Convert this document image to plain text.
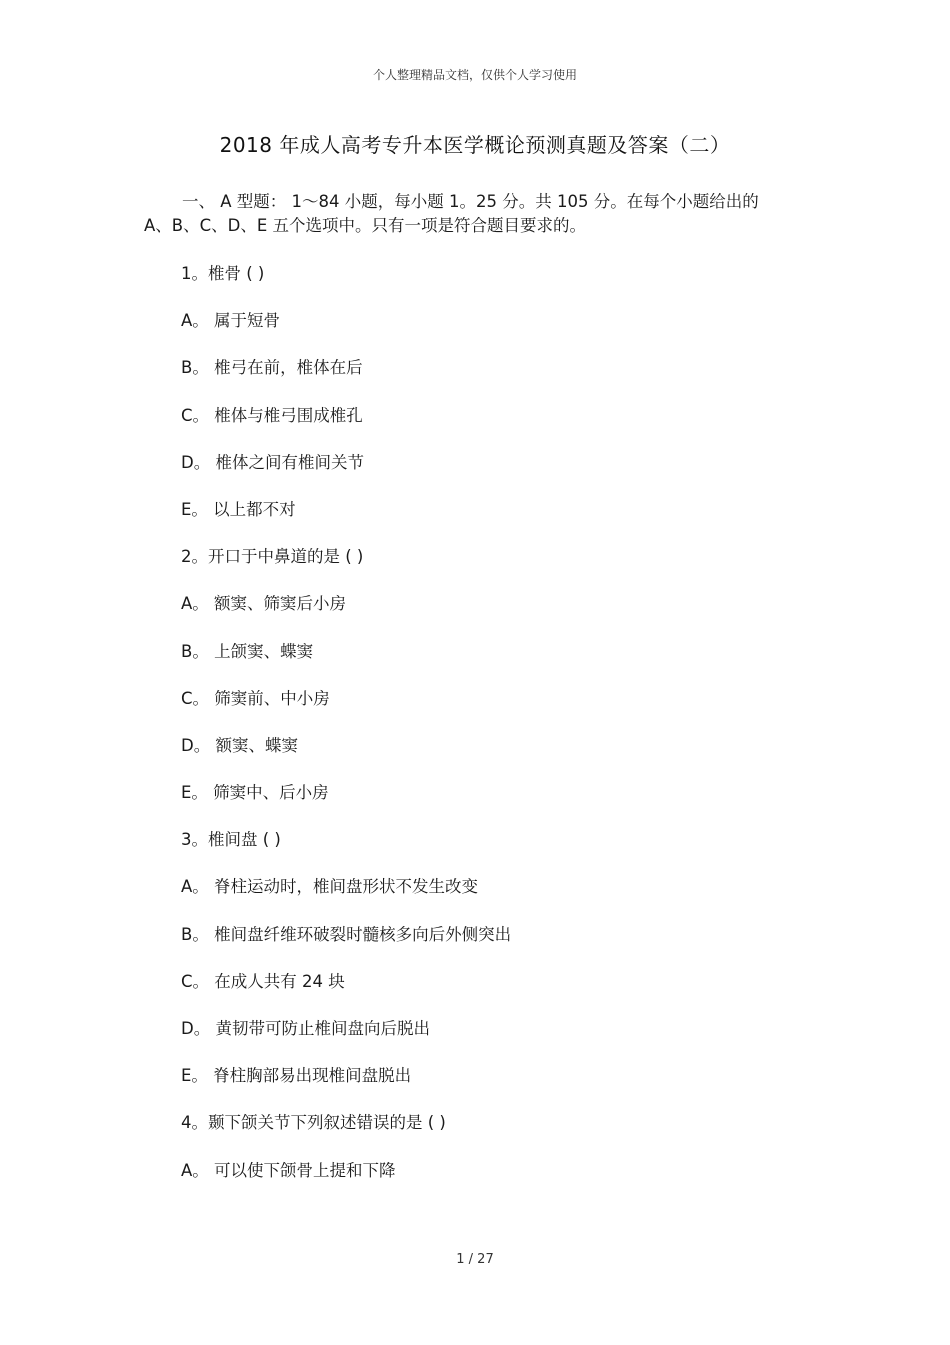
个人整理精品文档，仅供个人学习使用
2018 年成人高考专升本医学概论预测真题及答案（二）
一、 A 型题： 1～84 小题，每小题 1。25 分。共 105 分。在每个小题给出的
A、B、C、D、E 五个选项中。只有一项是符合题目要求的。
1。椎骨 ( )
A。 属于短骨
B。 椎弓在前，椎体在后
C。 椎体与椎弓围成椎孔
D。 椎体之间有椎间关节
E。 以上都不对
2。开口于中鼻道的是 ( )
A。 额窦、筛窦后小房
B。 上颌窦、蝶窦
C。 筛窦前、中小房
D。 额窦、蝶窦
E。 筛窦中、后小房
3。椎间盘 ( )
A。 脊柱运动时，椎间盘形状不发生改变
B。 椎间盘纤维环破裂时髓核多向后外侧突出
C。 在成人共有 24 块
D。 黄韧带可防止椎间盘向后脱出
E。 脊柱胸部易出现椎间盘脱出
4。颞下颌关节下列叙述错误的是 ( )
A。 可以使下颌骨上提和下降
1 / 27
